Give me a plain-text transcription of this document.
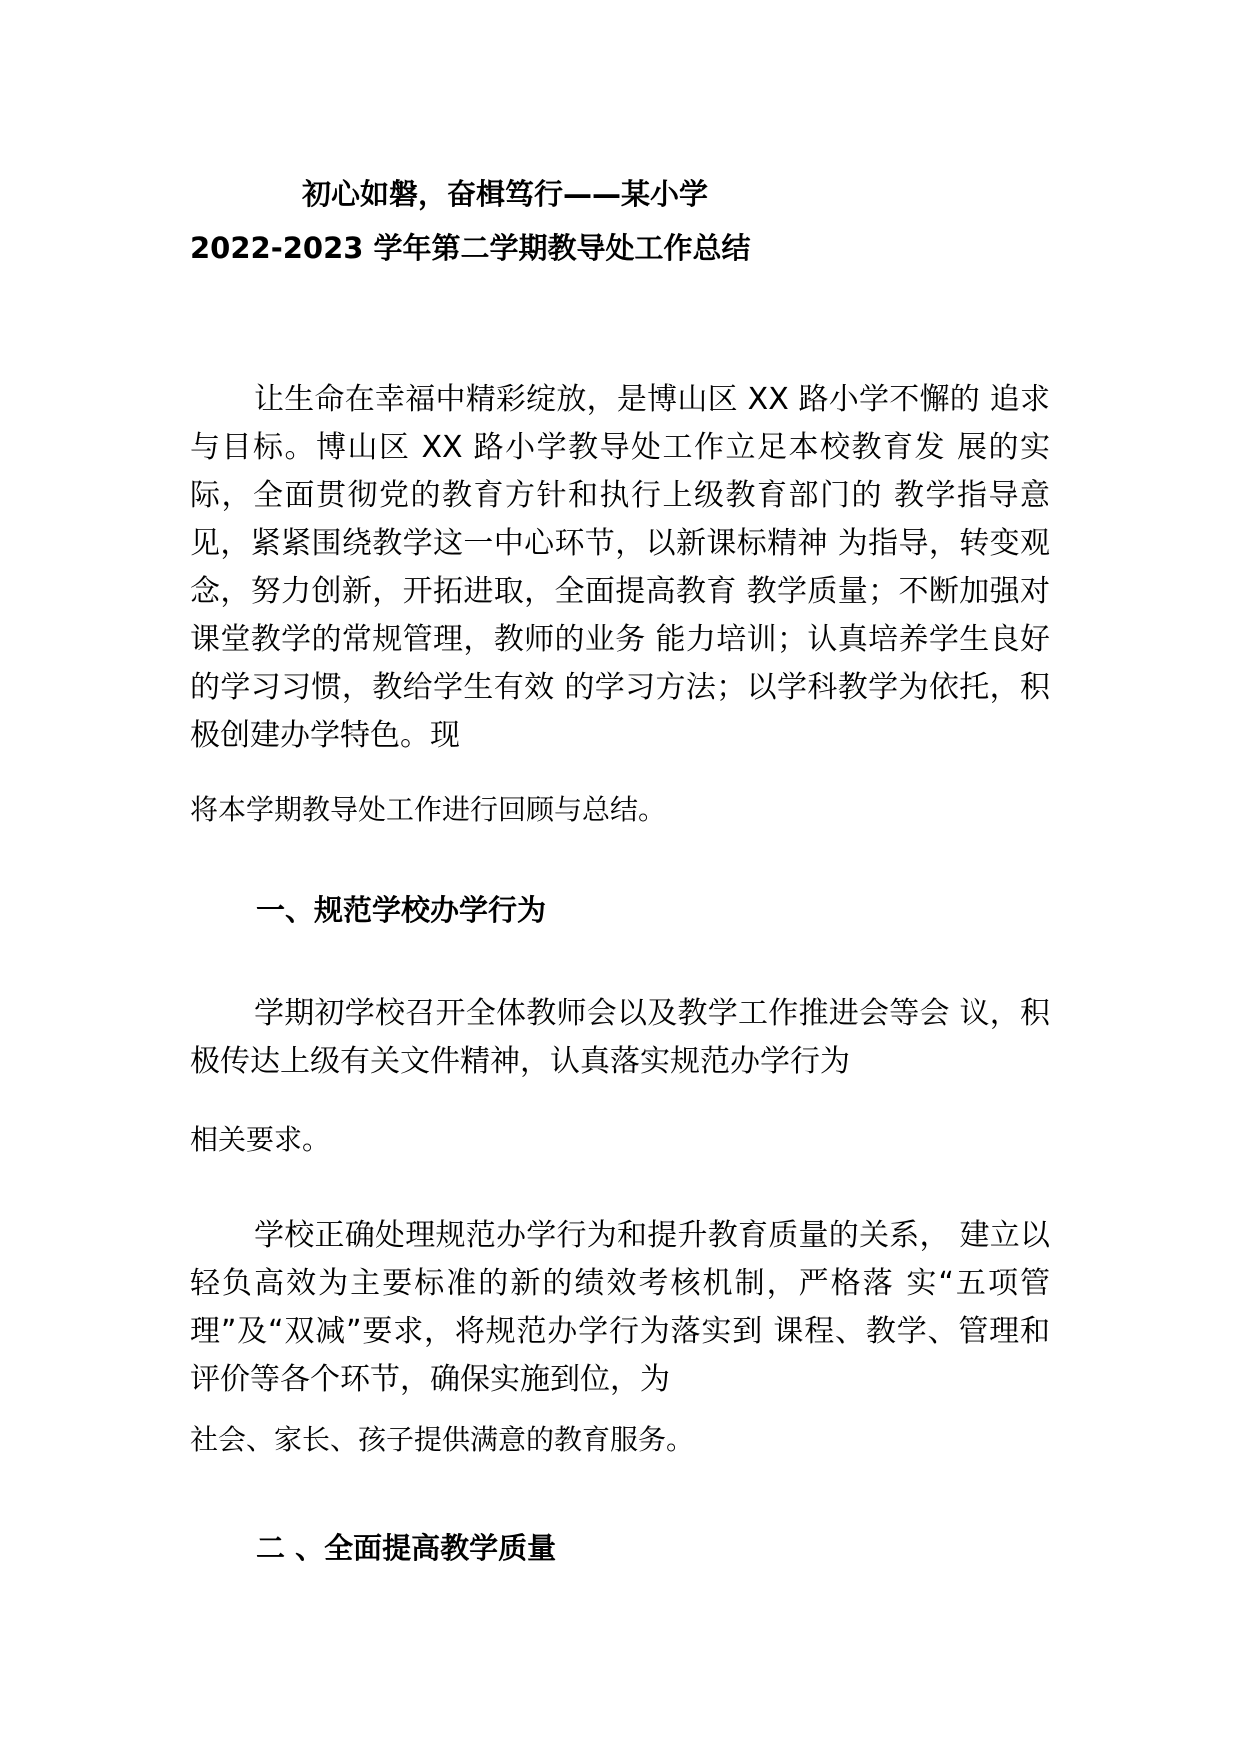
初心如磐，奋楫笃行——某小学
2022-2023 学年第二学期教导处工作总结

让生命在幸福中精彩绽放，是博山区 XX 路小学不懈的 追求与目标。博山区 XX 路小学教导处工作立足本校教育发 展的实际，全面贯彻党的教育方针和执行上级教育部门的 教学指导意见，紧紧围绕教学这一中心环节，以新课标精神 为指导，转变观念，努力创新，开拓进取，全面提高教育 教学质量；不断加强对课堂教学的常规管理，教师的业务 能力培训；认真培养学生良好的学习习惯，教给学生有效 的学习方法；以学科教学为依托，积极创建办学特色。现

将本学期教导处工作进行回顾与总结。

一、规范学校办学行为

学期初学校召开全体教师会以及教学工作推进会等会 议，积极传达上级有关文件精神，认真落实规范办学行为

相关要求。

学校正确处理规范办学行为和提升教育质量的关系， 建立以轻负高效为主要标准的新的绩效考核机制，严格落 实“五项管理”及“双减”要求，将规范办学行为落实到 课程、教学、管理和评价等各个环节，确保实施到位，为

社会、家长、孩子提供满意的教育服务。

二 、全面提高教学质量
